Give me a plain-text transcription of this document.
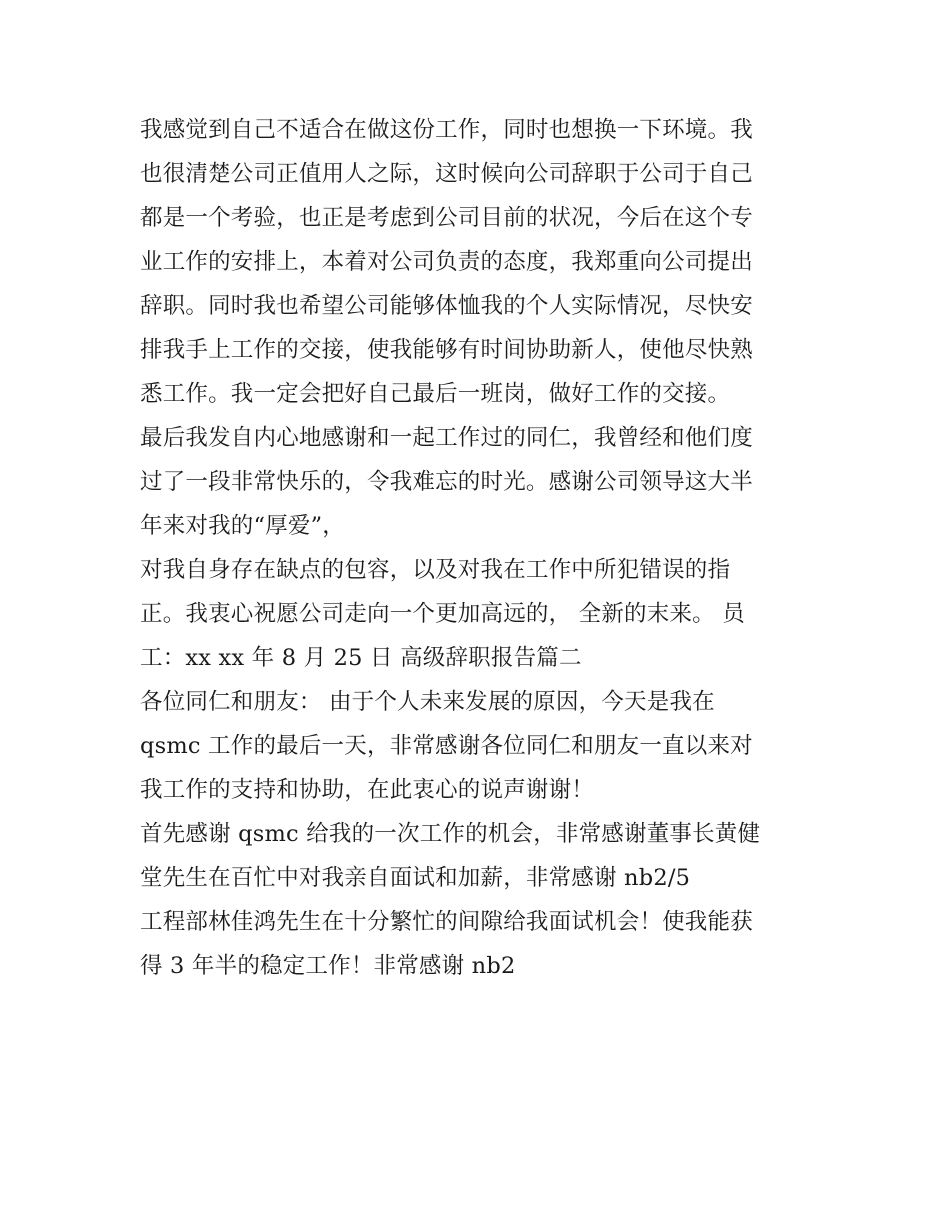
我感觉到自己不适合在做这份工作，同时也想换一下环境。我
也很清楚公司正值用人之际，这时候向公司辞职于公司于自己
都是一个考验，也正是考虑到公司目前的状况，今后在这个专
业工作的安排上，本着对公司负责的态度，我郑重向公司提出
辞职。同时我也希望公司能够体恤我的个人实际情况，尽快安
排我手上工作的交接，使我能够有时间协助新人，使他尽快熟
悉工作。我一定会把好自己最后一班岗，做好工作的交接。
最后我发自内心地感谢和一起工作过的同仁，我曾经和他们度
过了一段非常快乐的，令我难忘的时光。感谢公司领导这大半
年来对我的“厚爱”，
对我自身存在缺点的包容，以及对我在工作中所犯错误的指
正。我衷心祝愿公司走向一个更加高远的， 全新的末来。 员
工：xx xx 年 8 月 25 日 高级辞职报告篇二
各位同仁和朋友： 由于个人未来发展的原因，今天是我在
qsmc 工作的最后一天，非常感谢各位同仁和朋友一直以来对
我工作的支持和协助，在此衷心的说声谢谢！
首先感谢 qsmc 给我的一次工作的机会，非常感谢董事长黄健
堂先生在百忙中对我亲自面试和加薪，非常感谢 nb2/5
工程部林佳鸿先生在十分繁忙的间隙给我面试机会！使我能获
得 3 年半的稳定工作！非常感谢 nb2
